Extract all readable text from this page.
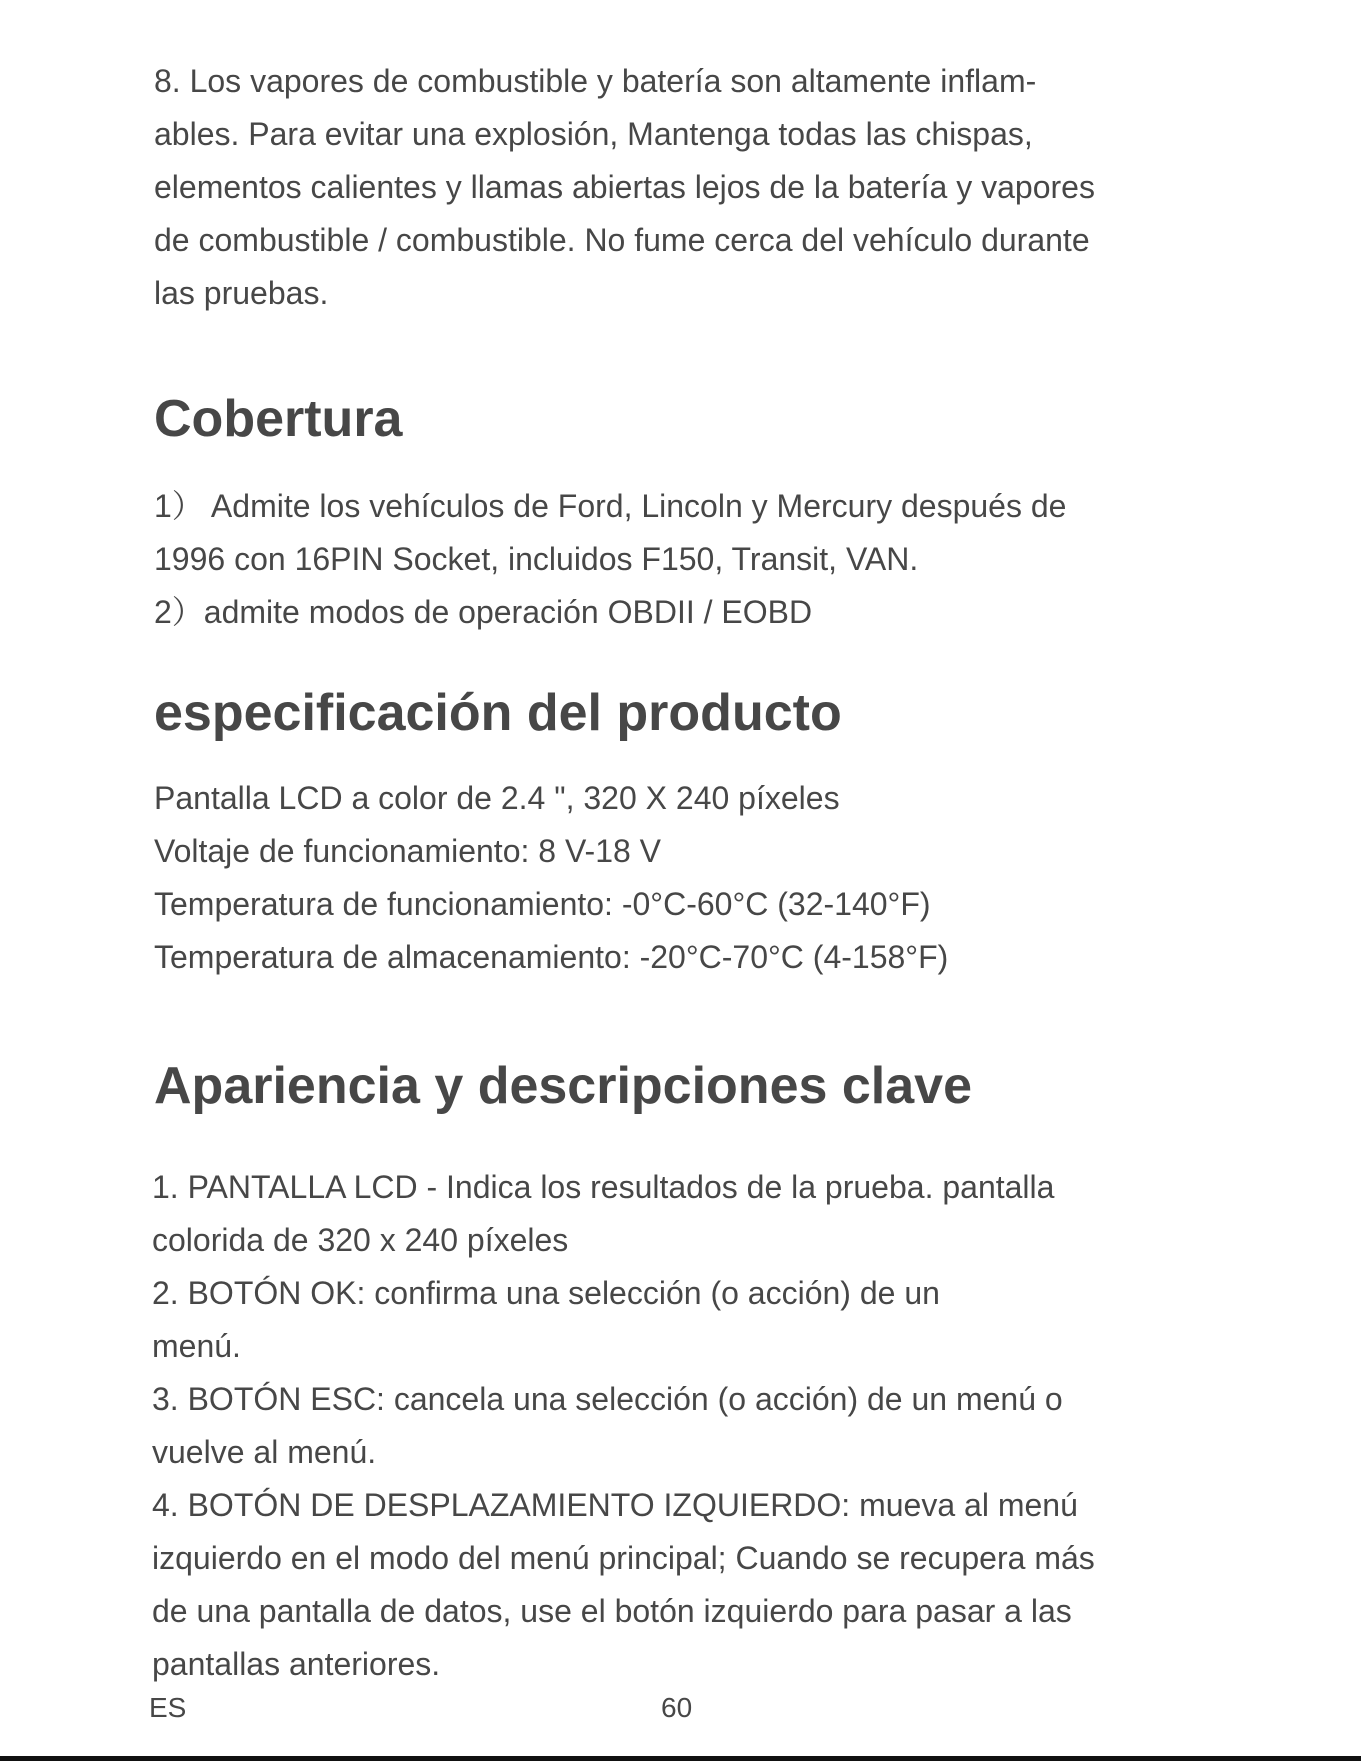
8. Los vapores de combustible y batería son altamente inflam-
ables. Para evitar una explosión, Mantenga todas las chispas,
elementos calientes y llamas abiertas lejos de la batería y vapores
de combustible / combustible. No fume cerca del vehículo durante
las pruebas.
Cobertura
1） Admite los vehículos de Ford, Lincoln y Mercury después de
1996 con 16PIN Socket, incluidos F150, Transit, VAN.
2）admite modos de operación OBDII / EOBD
especificación del producto
Pantalla LCD a color de 2.4 ", 320 X 240 píxeles
Voltaje de funcionamiento: 8 V-18 V
Temperatura de funcionamiento: -0°C-60°C (32-140°F)
Temperatura de almacenamiento: -20°C-70°C (4-158°F)
Apariencia y descripciones clave
1. PANTALLA LCD - Indica los resultados de la prueba. pantalla
colorida de 320 x 240 píxeles
2. BOTÓN OK: confirma una selección (o acción) de un
menú.
3. BOTÓN ESC: cancela una selección (o acción) de un menú o
vuelve al menú.
4. BOTÓN DE DESPLAZAMIENTO IZQUIERDO: mueva al menú
izquierdo en el modo del menú principal; Cuando se recupera más
de una pantalla de datos, use el botón izquierdo para pasar a las
pantallas anteriores.
ES	60
